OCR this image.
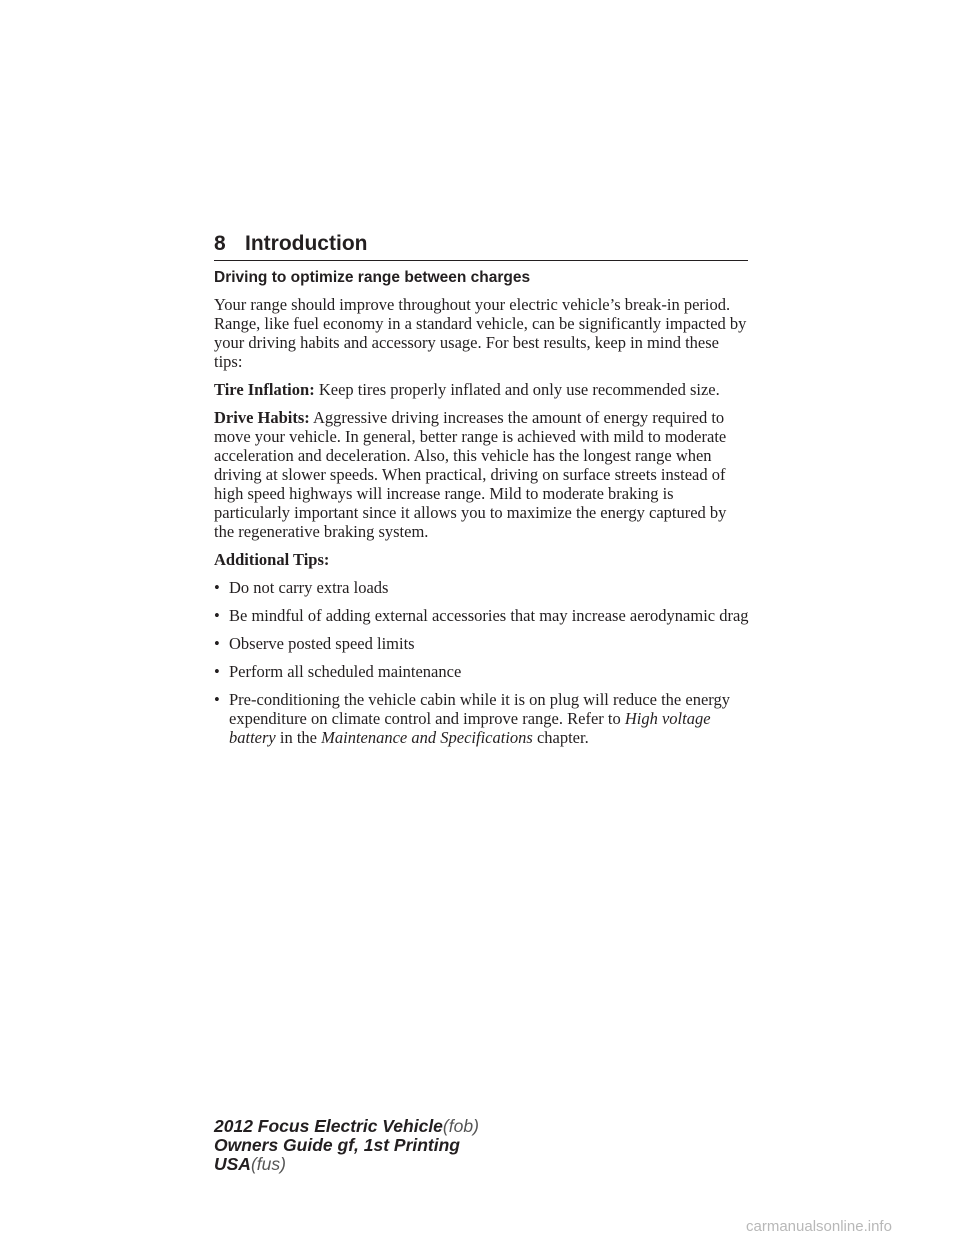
8 Introduction
Driving to optimize range between charges

Your range should improve throughout your electric vehicle’s break-in period. Range, like fuel economy in a standard vehicle, can be significantly impacted by your driving habits and accessory usage. For best results, keep in mind these tips:

Tire Inflation: Keep tires properly inflated and only use recommended size.

Drive Habits: Aggressive driving increases the amount of energy required to move your vehicle. In general, better range is achieved with mild to moderate acceleration and deceleration. Also, this vehicle has the longest range when driving at slower speeds. When practical, driving on surface streets instead of high speed highways will increase range. Mild to moderate braking is particularly important since it allows you to maximize the energy captured by the regenerative braking system.

Additional Tips:

• Do not carry extra loads
• Be mindful of adding external accessories that may increase aerodynamic drag
• Observe posted speed limits
• Perform all scheduled maintenance
• Pre-conditioning the vehicle cabin while it is on plug will reduce the energy expenditure on climate control and improve range. Refer to High voltage battery in the Maintenance and Specifications chapter.
2012 Focus Electric Vehicle(fob)
Owners Guide gf, 1st Printing
USA(fus)
carmanualsonline.info
